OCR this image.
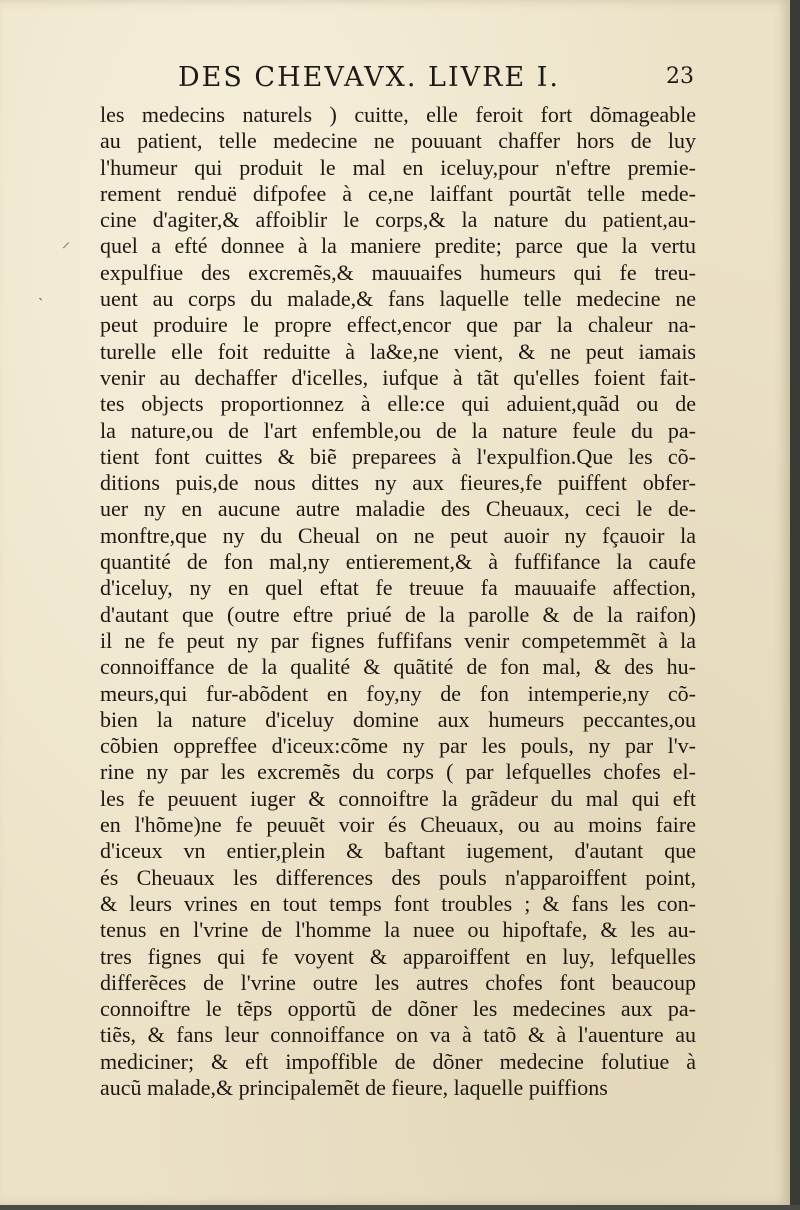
DES CHEVAVX. LIVRE I.	23
les medecins naturels ) cuitte, elle feroit fort dõmageable
au patient, telle medecine ne pouuant chaffer hors de luy
l'humeur qui produit le mal en iceluy,pour n'eftre premie-
rement renduë difpofee à ce,ne laiffant pourtãt telle mede-
cine d'agiter,& affoiblir le corps,& la nature du patient,au-
quel a efté donnee à la maniere predite; parce que la vertu
expulfiue des excremẽs,& mauuaifes humeurs qui fe treu-
uent au corps du malade,& fans laquelle telle medecine ne
peut produire le propre effect,encor que par la chaleur na-
turelle elle foit reduitte à la&e,ne vient, & ne peut iamais
venir au dechaffer d'icelles, iufque à tãt qu'elles foient fait-
tes objects proportionnez à elle:ce qui aduient,quãd ou de
la nature,ou de l'art enfemble,ou de la nature feule du pa-
tient font cuittes & biẽ preparees à l'expulfion.Que les cõ-
ditions puis,de nous dittes ny aux fieures,fe puiffent obfer-
uer ny en aucune autre maladie des Cheuaux, ceci le de-
monftre,que ny du Cheual on ne peut auoir ny fçauoir la
quantité de fon mal,ny entierement,& à fuffifance la caufe
d'iceluy, ny en quel eftat fe treuue fa mauuaife affection,
d'autant que (outre eftre priué de la parolle & de la raifon)
il ne fe peut ny par fignes fuffifans venir competemmẽt à la
connoiffance de la qualité & quãtité de fon mal, & des hu-
meurs,qui fur-abõdent en foy,ny de fon intemperie,ny cõ-
bien la nature d'iceluy domine aux humeurs peccantes,ou
cõbien oppreffee d'iceux:cõme ny par les pouls, ny par l'v-
rine ny par les excremẽs du corps ( par lefquelles chofes el-
les fe peuuent iuger & connoiftre la grãdeur du mal qui eft
en l'hõme)ne fe peuuẽt voir és Cheuaux, ou au moins faire
d'iceux vn entier,plein & baftant iugement, d'autant que
és Cheuaux les differences des pouls n'apparoiffent point,
& leurs vrines en tout temps font troubles ; & fans les con-
tenus en l'vrine de l'homme la nuee ou hipoftafe, & les au-
tres fignes qui fe voyent & apparoiffent en luy, lefquelles
differẽces de l'vrine outre les autres chofes font beaucoup
connoiftre le tẽps opportũ de dõner les medecines aux pa-
tiẽs, & fans leur connoiffance on va à tatõ & à l'auenture au
mediciner; & eft impoffible de dõner medecine folutiue à
aucũ malade,& principalemẽt de fieure, laquelle puiffions
⸝
ˏ
